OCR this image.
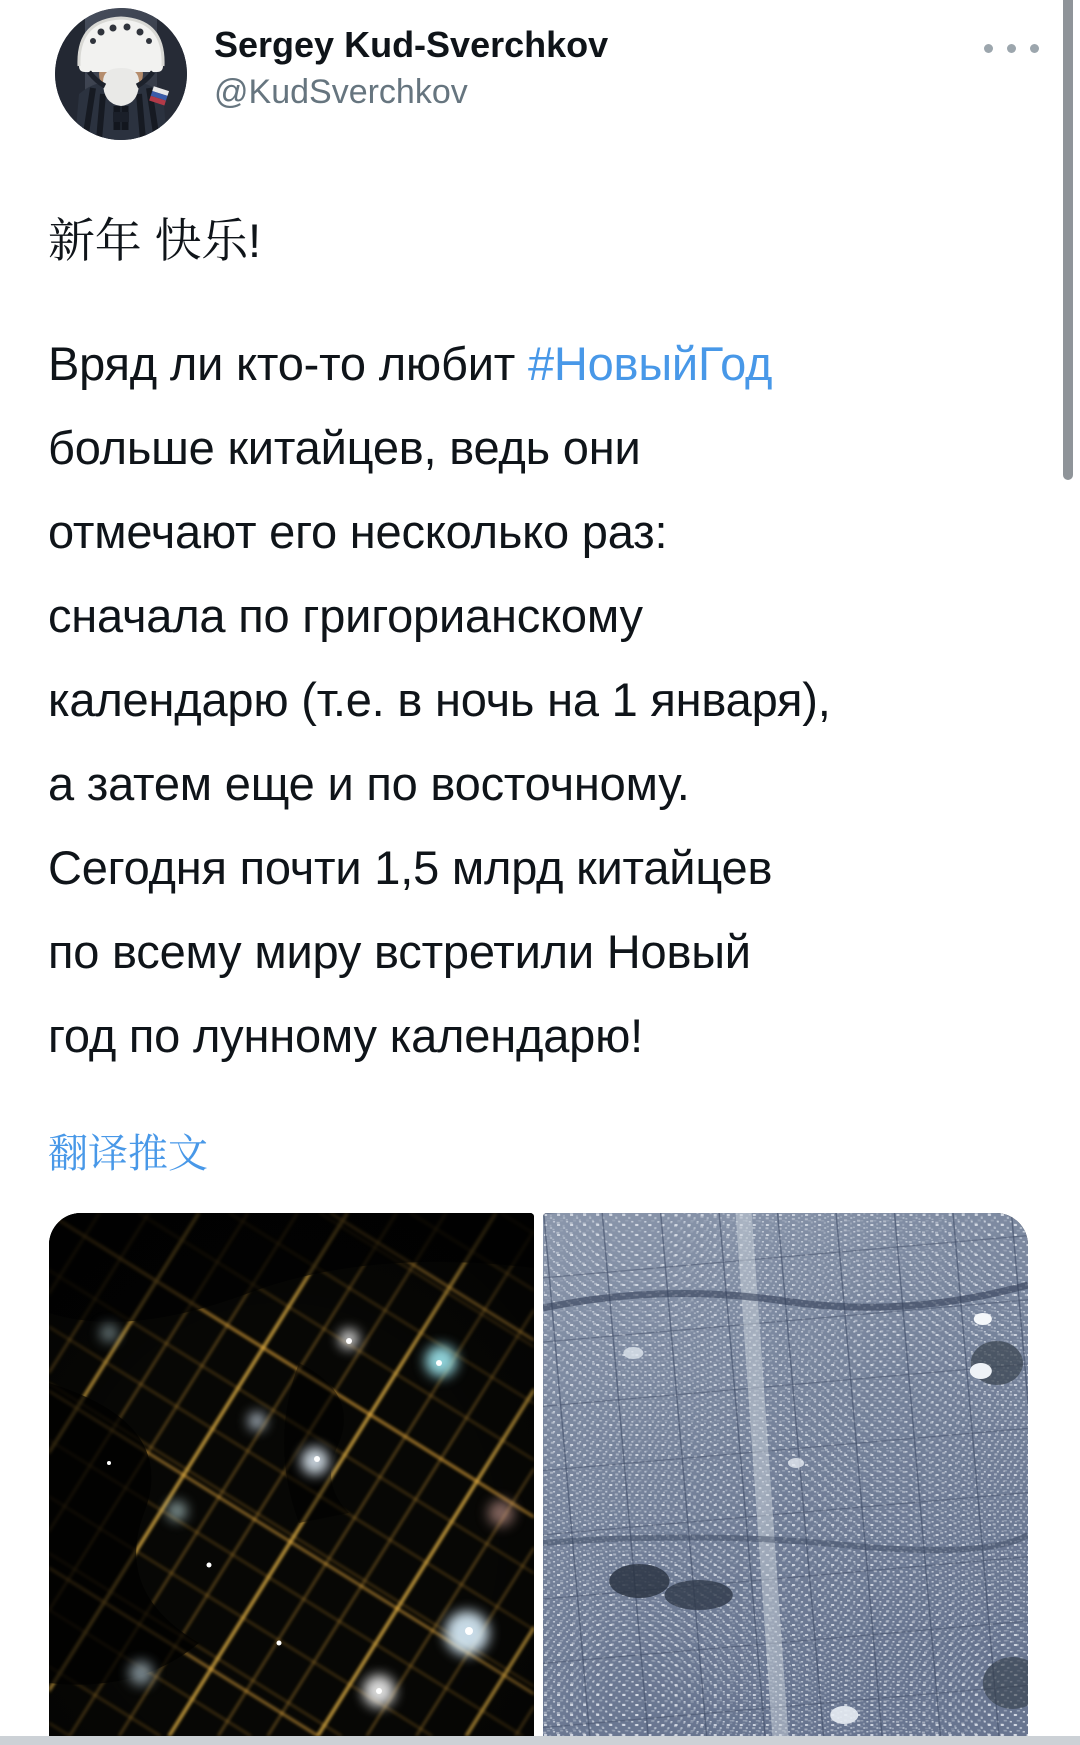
Sergey Kud-Sverchkov
@KudSverchkov

新年 快乐!

Вряд ли кто-то любит #НовыйГод
больше китайцев, ведь они
отмечают его несколько раз:
сначала по григорианскому
календарю (т.е. в ночь на 1 января),
а затем еще и по восточному.
Сегодня почти 1,5 млрд китайцев
по всему миру встретили Новый
год по лунному календарю!
翻译推文
